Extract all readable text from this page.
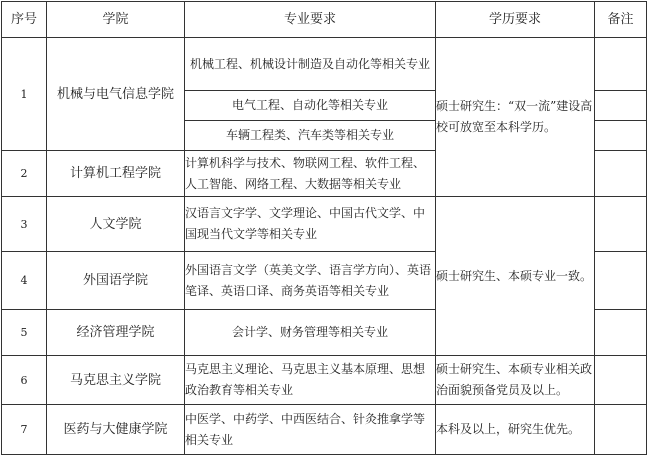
序号	学院	专业要求	学历要求	备注
1	机械与电气信息学院	机械工程、机械设计制造及自动化等相关专业	硕士研究生：“双一流”建设高校可放宽至本科学历。	
		电气工程、自动化等相关专业		
		车辆工程类、汽车类等相关专业		
2	计算机工程学院	计算机科学与技术、物联网工程、软件工程、人工智能、网络工程、大数据等相关专业		
3	人文学院	汉语言文字学、文学理论、中国古代文学、中国现当代文学等相关专业	硕士研究生、本硕专业一致。	
4	外国语学院	外国语言文学（英美文学、语言学方向）、英语笔译、英语口译、商务英语等相关专业		
5	经济管理学院	会计学、财务管理等相关专业		
6	马克思主义学院	马克思主义理论、马克思主义基本原理、思想政治教育等相关专业	硕士研究生、本硕专业相关政治面貌预备党员及以上。	
7	医药与大健康学院	中医学、中药学、中西医结合、针灸推拿学等相关专业	本科及以上，研究生优先。	
